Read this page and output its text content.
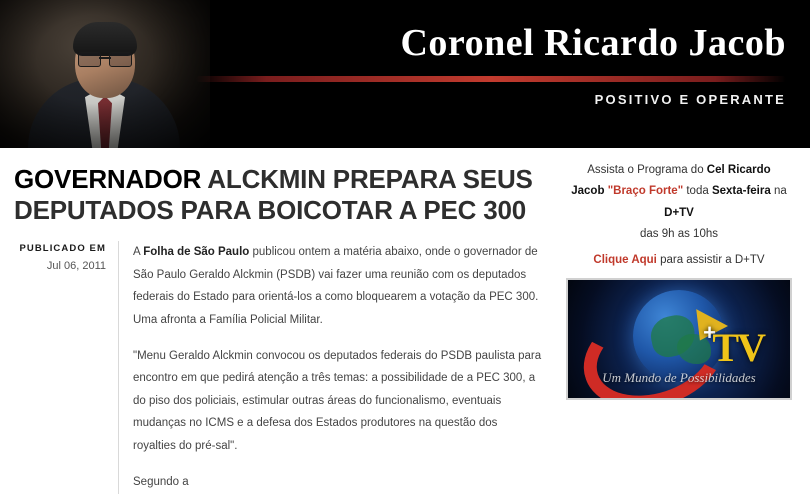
Coronel Ricardo Jacob
POSITIVO E OPERANTE
GOVERNADOR ALCKMIN PREPARA SEUS DEPUTADOS PARA BOICOTAR A PEC 300
PUBLICADO EM
Jul 06, 2011

A Folha de São Paulo publicou ontem a matéria abaixo, onde o governador de São Paulo Geraldo Alckmin (PSDB) vai fazer uma reunião com os deputados federais do Estado para orientá-los a como bloquearem a votação da PEC 300.
Uma afronta a Família Policial Militar.

"Menu Geraldo Alckmin convocou os deputados federais do PSDB paulista para encontro em que pedirá atenção a três temas: a possibilidade de a PEC 300, a do piso dos policiais, estimular outras áreas do funcionalismo, eventuais mudanças no ICMS e a defesa dos Estados produtores na questão dos royalties do pré-sal".

Segundo a

Assista o Programa do Cel Ricardo
Jacob "Braço Forte" toda Sexta-feira na D+TV
das 9h as 10hs
Clique Aqui para assistir a D+TV
+
TV
Um Mundo de Possibilidades
